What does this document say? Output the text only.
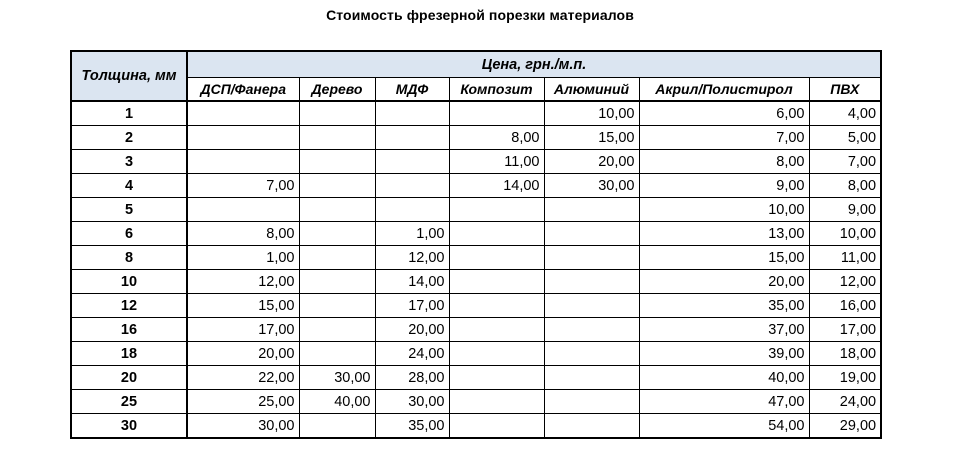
Стоимость фрезерной порезки материалов
Толщина, мм	Цена, грн./м.п.						
	ДСП/Фанера	Дерево	МДФ	Композит	Алюминий	Акрил/Полистирол	ПВХ
1					10,00	6,00	4,00
2				8,00	15,00	7,00	5,00
3				11,00	20,00	8,00	7,00
4	7,00			14,00	30,00	9,00	8,00
5						10,00	9,00
6	8,00		1,00			13,00	10,00
8	1,00		12,00			15,00	11,00
10	12,00		14,00			20,00	12,00
12	15,00		17,00			35,00	16,00
16	17,00		20,00			37,00	17,00
18	20,00		24,00			39,00	18,00
20	22,00	30,00	28,00			40,00	19,00
25	25,00	40,00	30,00			47,00	24,00
30	30,00		35,00			54,00	29,00
